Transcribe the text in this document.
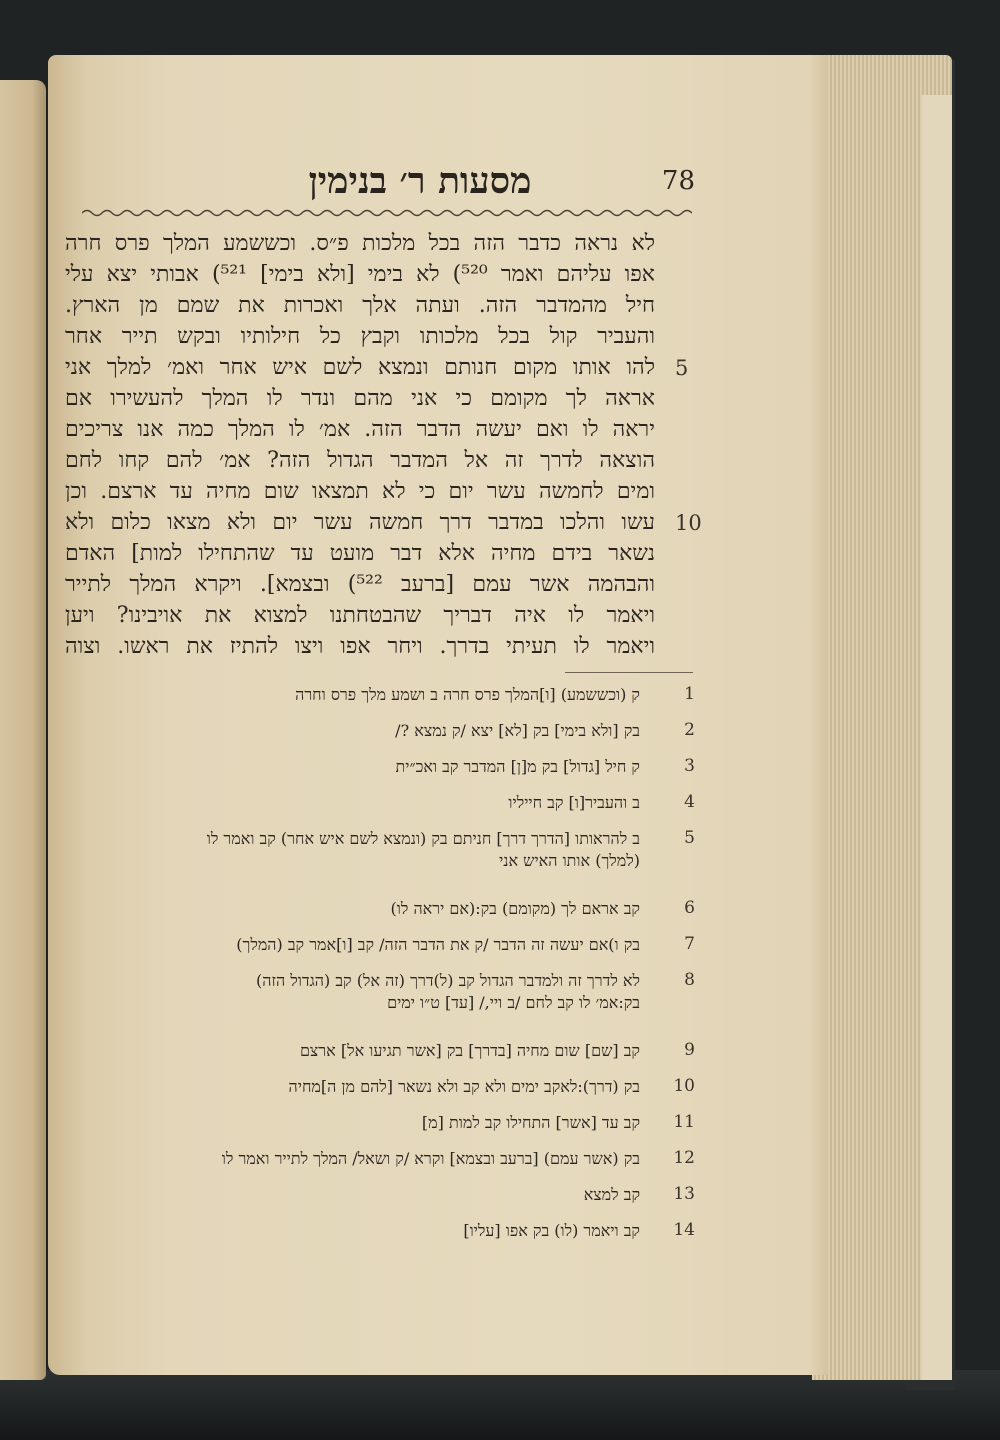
מסעות ר׳ בנימין	78
לא נראה כדבר הזה בכל מלכות פ״ס. וכששמע המלך פרס חרה
אפו עליהם ואמר ⁵²⁰) לא בימי [ולא בימי] ⁵²¹) אבותי יצא עלי
חיל מהמדבר הזה. ועתה אלך ואכרות את שמם מן הארץ.
והעביר קול בכל מלכותו וקבץ כל חילותיו ובקש תייר אחר
להו אותו מקום חנותם ונמצא לשם איש אחר ואמ׳ למלך אני
אראה לך מקומם כי אני מהם ונדר לו המלך להעשירו אם
יראה לו ואם יעשה הדבר הזה. אמ׳ לו המלך כמה אנו צריכים
הוצאה לדרך זה אל המדבר הגדול הזה? אמ׳ להם קחו לחם
ומים לחמשה עשר יום כי לא תמצאו שום מחיה עד ארצם. וכן
עשו והלכו במדבר דרך חמשה עשר יום ולא מצאו כלום ולא
נשאר בידם מחיה אלא דבר מועט עד שהתחילו למות] האדם
והבהמה אשר עמם [ברעב ⁵²²) ובצמא]. ויקרא המלך לתייר
ויאמר לו איה דבריך שהבטחתנו למצוא את אויבינו? ויען
ויאמר לו תעיתי בדרך. ויחר אפו ויצו להתיז את ראשו. וצוה
5
10
1
ק (וכששמע) [ו]המלך פרס חרה ב ושמע מלך פרס וחרה
2
בק [ולא בימי] בק [לא] יצא /ק נמצא ?/
3
ק חיל [גדול] בק מ[ן] המדבר קב ואכ״ית
4
ב והעביר[ו] קב חייליו
5
ב להראותו [הדרך דרך] חניתם בק (ונמצא לשם איש אחר) קב ואמר לו
(למלך) אותו האיש אני
6
קב אראם לך (מקומם) בק:(אם יראה לו)
7
בק ו)אם יעשה זה הדבר /ק את הדבר הזה/ קב [ו]אמר קב (המלך)
8
לא לדרך זה ולמדבר הגדול קב (ל)דרך (זה אל) קב (הגדול הזה)
בק:אמ׳ לו קב לחם /ב ויי,/ [עד] ט״ו ימים
9
קב [שם] שום מחיה [בדרך] בק [אשר תגיעו אל] ארצם
10
בק (דרך):לאקב ימים ולא קב ולא נשאר [להם מן ה]מחיה
11
קב עד [אשר] התחילו קב למות [מ]
12
בק (אשר עמם) [ברעב ובצמא] וקרא /ק ושאל/ המלך לתייר ואמר לו
13
קב למצא
14
קב ויאמר (לו) בק אפו [עליו]
